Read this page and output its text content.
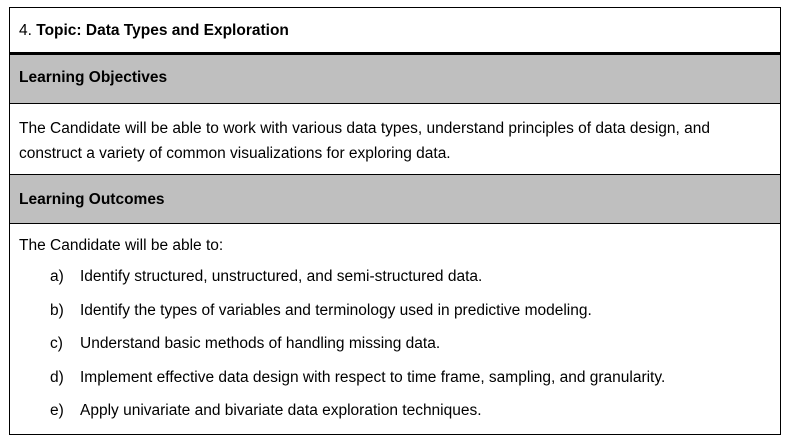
4. Topic: Data Types and Exploration
Learning Objectives
The Candidate will be able to work with various data types, understand principles of data design, and construct a variety of common visualizations for exploring data.
Learning Outcomes

The Candidate will be able to:

a)	Identify structured, unstructured, and semi-structured data.
b)	Identify the types of variables and terminology used in predictive modeling.
c)	Understand basic methods of handling missing data.
d)	Implement effective data design with respect to time frame, sampling, and granularity.
e)	Apply univariate and bivariate data exploration techniques.
